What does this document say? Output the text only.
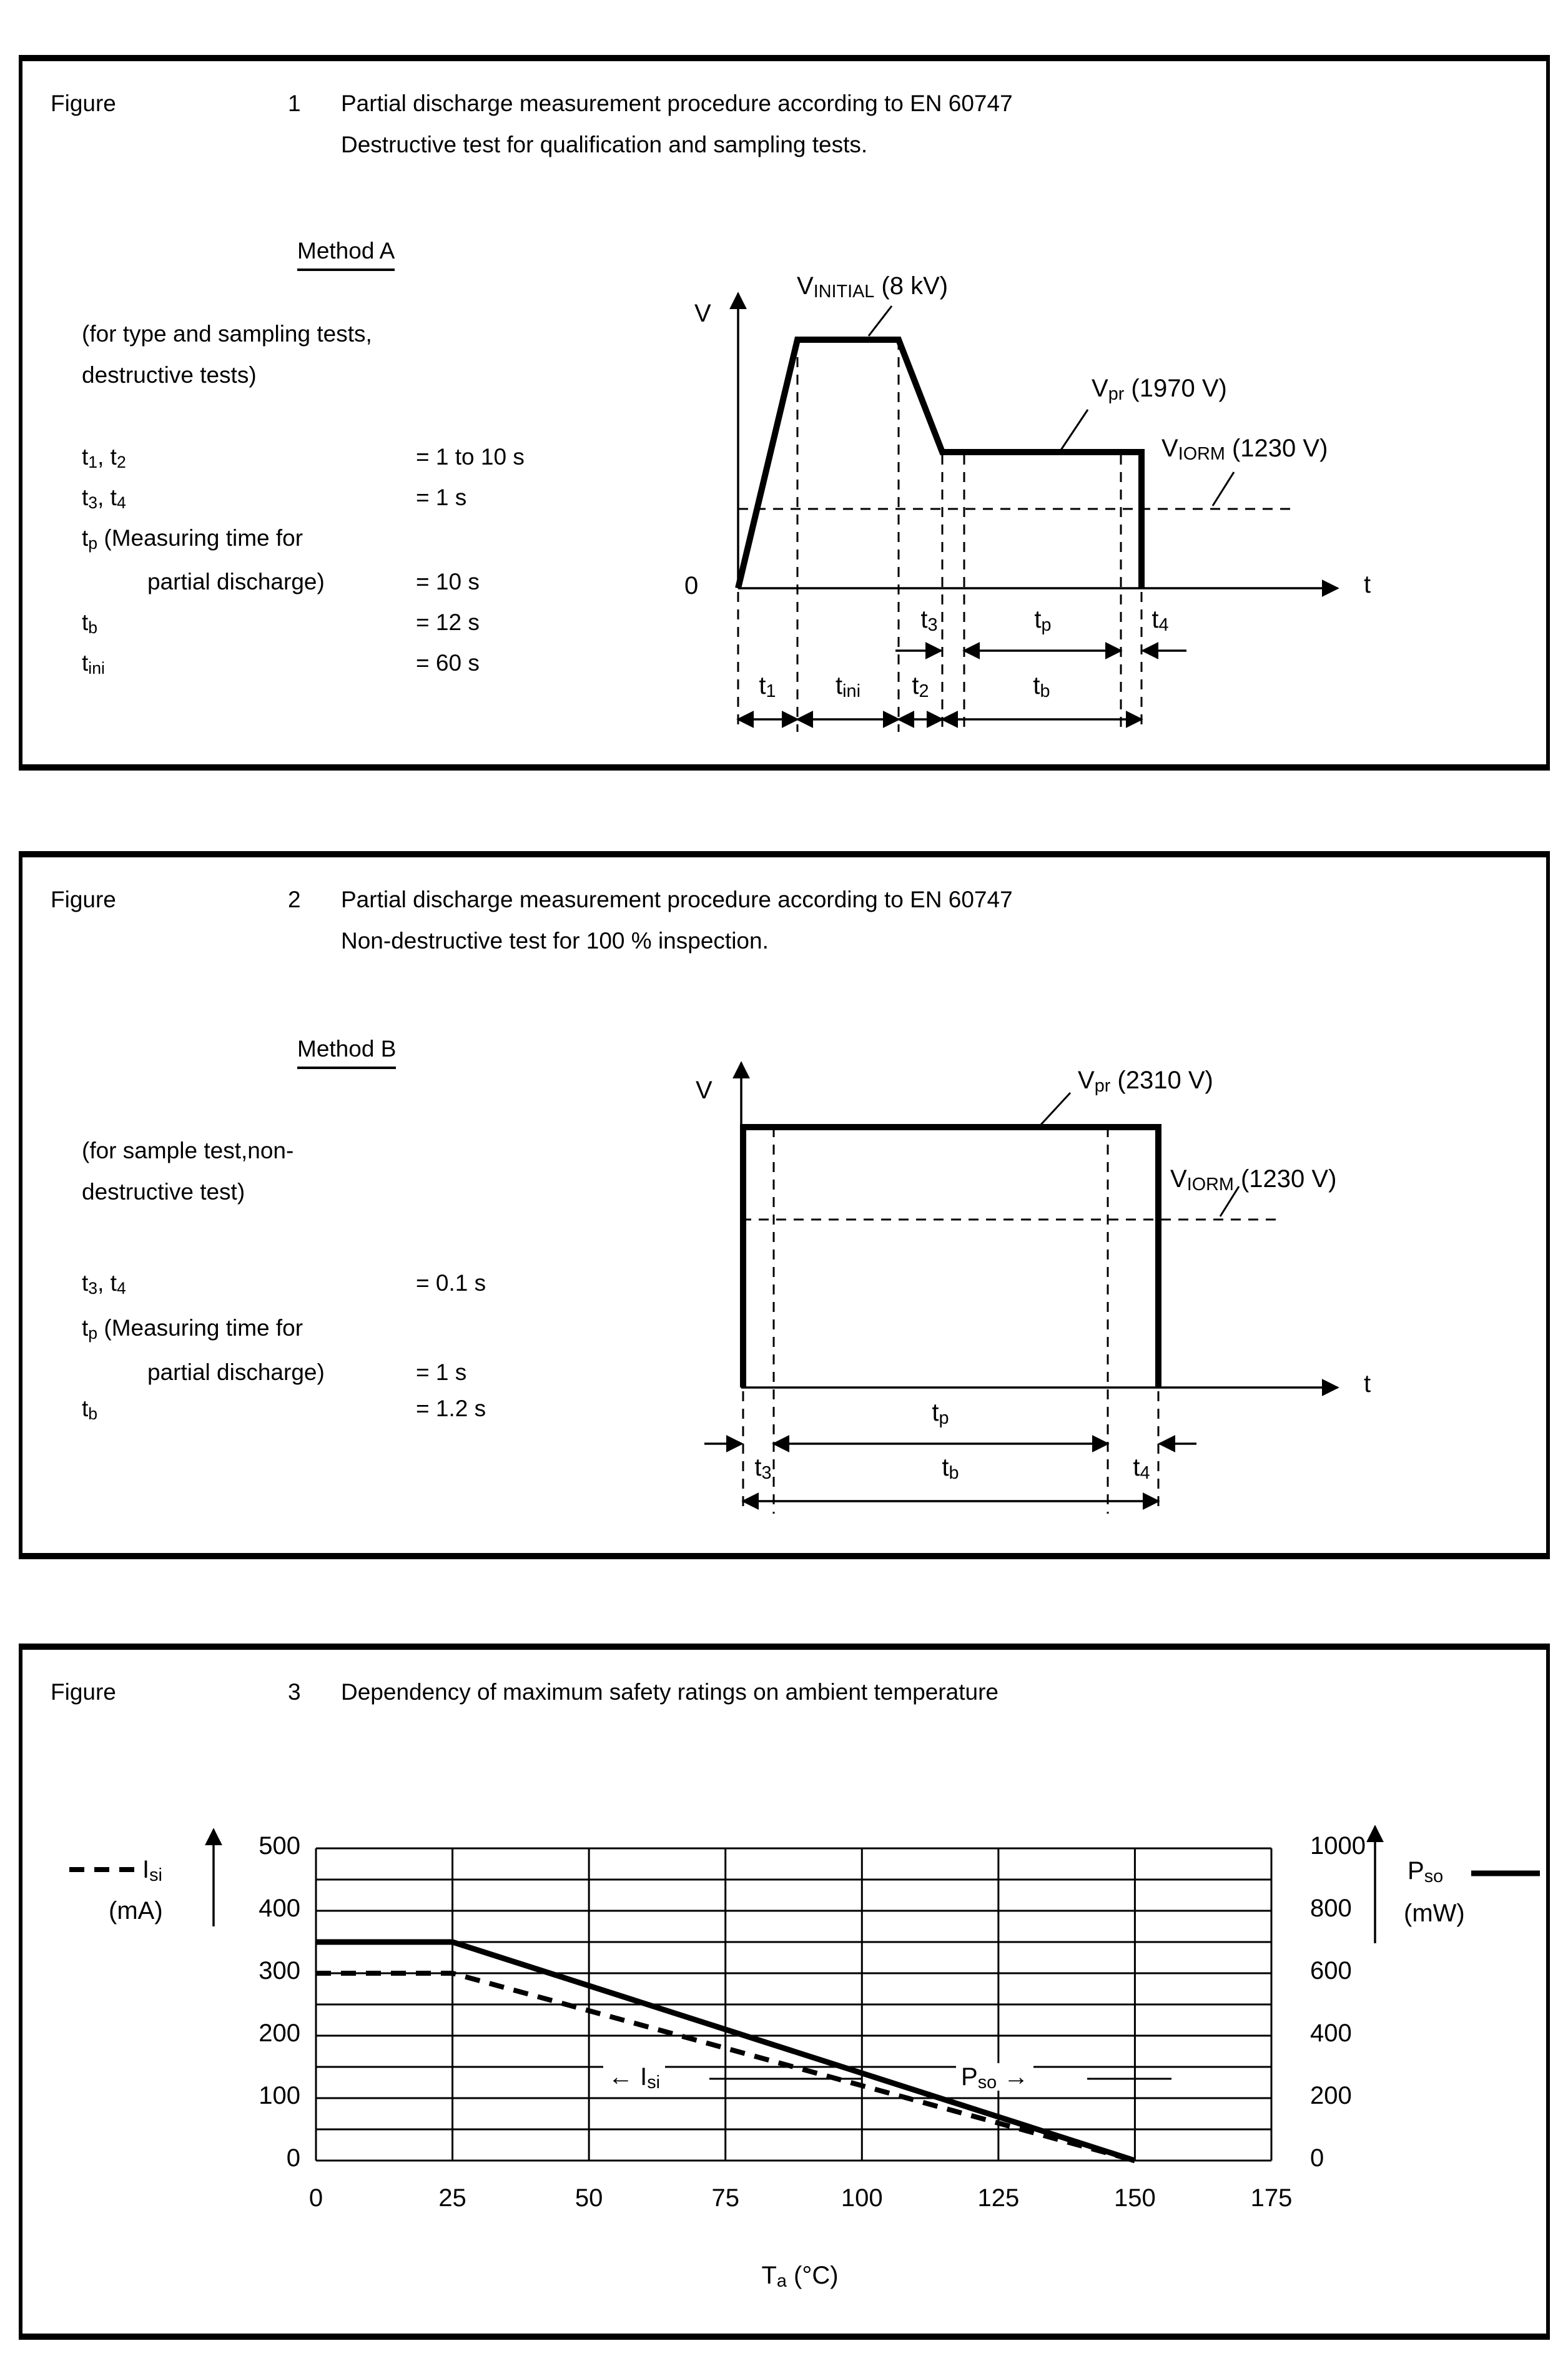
Figure	1 Partial discharge measurement procedure according to EN 60747
Destructive test for qualification and sampling tests.
Method A
(for type and sampling tests,
destructive tests)
$t_1$, $t_2$	= 1 to 10 s
$t_3$, $t_4$	= 1 s
$t_p$ (Measuring time for
partial discharge)	= 10 s
$t_b$	= 12 s
$t_{ini}$	= 60 s
V
0	t
$V_{INITIAL}$ (8 kV)
$V_{pr}$ (1970 V)
$V_{IORM}$ (1230 V)
$t_3$	$t_p$	$t_4$
$t_1$ $t_{ini}$ $t_2$	$t_b$
Figure	2 Partial discharge measurement procedure according to EN 60747
Non-destructive test for 100 % inspection.
Method B
(for sample test,non-
destructive test)
$t_3$, $t_4$	= 0.1 s
$t_p$ (Measuring time for
partial discharge)	= 1 s
$t_b$	= 1.2 s
V
t
$V_{pr}$ (2310 V)
$V_{IORM}$ (1230 V)
$t_p$
$t_3$	$t_b$	$t_4$
Figure	3 Dependency of maximum safety ratings on ambient temperature
500
400
300
200
100
0
1000
800
600
400
200
0
0	25	50	75	100	125	150	175
$I_{si}$
(mA)
$P_{so}$
(mW)
← $I_{si}$	$P_{so}$ →
$T_a$ (°C)
